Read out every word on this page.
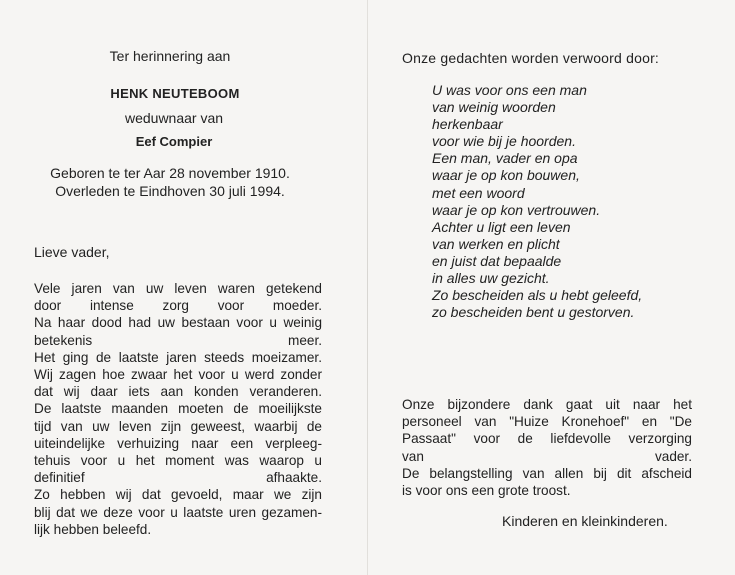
Ter herinnering aan
HENK NEUTEBOOM
weduwnaar van
Eef Compier
Geboren te ter Aar 28 november 1910.
Overleden te Eindhoven 30 juli 1994.
Lieve vader,
Vele jaren van uw leven waren getekend
door intense zorg voor moeder.
Na haar dood had uw bestaan voor u weinig
betekenis meer.
Het ging de laatste jaren steeds moeizamer.
Wij zagen hoe zwaar het voor u werd zonder
dat wij daar iets aan konden veranderen.
De laatste maanden moeten de moeilijkste
tijd van uw leven zijn geweest, waarbij de
uiteindelijke verhuizing naar een verpleeg-
tehuis voor u het moment was waarop u
definitief afhaakte.
Zo hebben wij dat gevoeld, maar we zijn
blij dat we deze voor u laatste uren gezamen-
lijk hebben beleefd.
Onze gedachten worden verwoord door:
U was voor ons een man
van weinig woorden
herkenbaar
voor wie bij je hoorden.
Een man, vader en opa
waar je op kon bouwen,
met een woord
waar je op kon vertrouwen.
Achter u ligt een leven
van werken en plicht
en juist dat bepaalde
in alles uw gezicht.
Zo bescheiden als u hebt geleefd,
zo bescheiden bent u gestorven.
Onze bijzondere dank gaat uit naar het
personeel van "Huize Kronehoef" en "De
Passaat" voor de liefdevolle verzorging
van vader.
De belangstelling van allen bij dit afscheid
is voor ons een grote troost.
Kinderen en kleinkinderen.
